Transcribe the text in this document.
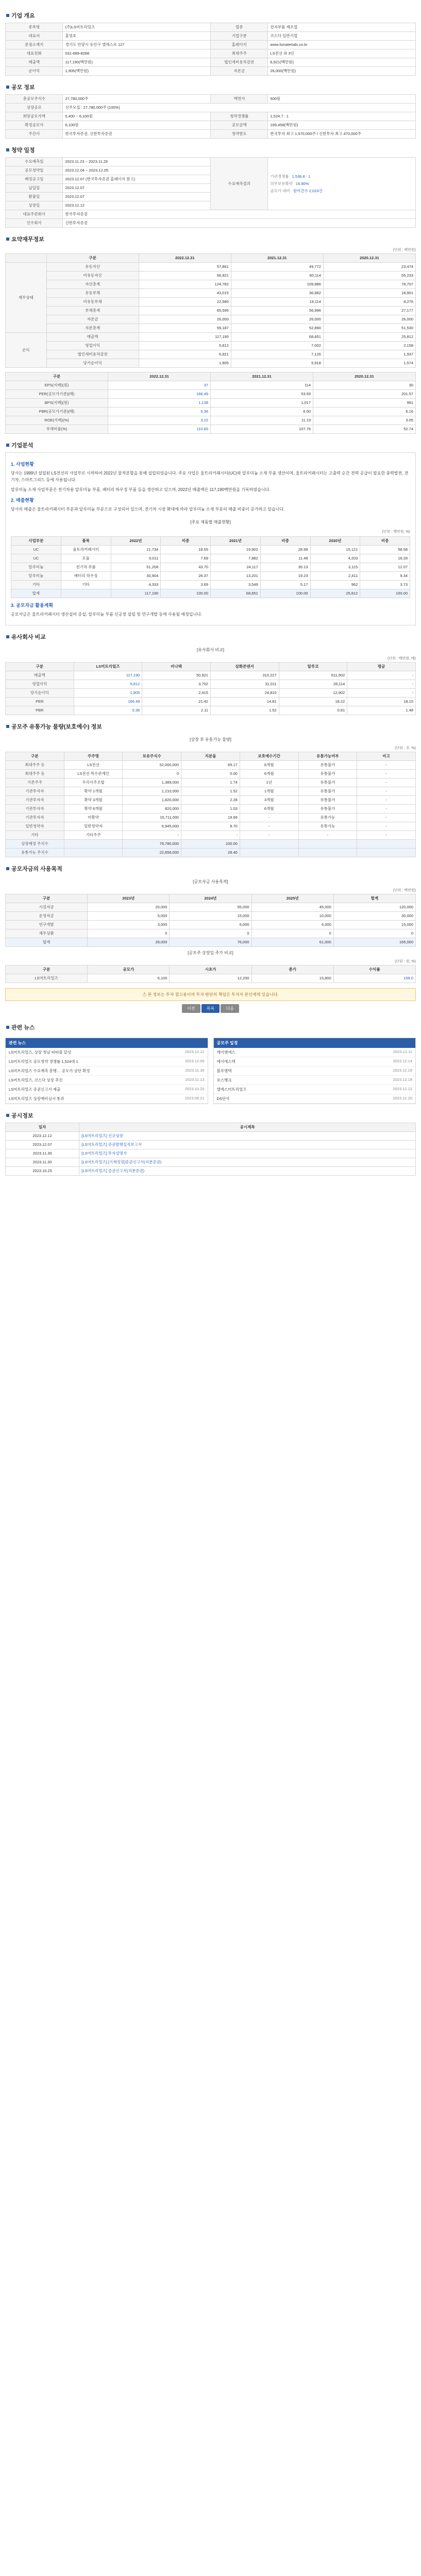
기업 개요
종목명	(주)LS머트리얼즈	업종	전자부품 제조업
대표자	홍영호	기업구분	코스닥 일반기업
본점소재지	경기도 안양시 동안구 엘에스로 127	홈페이지	www.lsmaterials.co.kr
대표전화	031-689-8288	최대주주	LS전선 외 3인
매출액	117,190(백만원)	법인세비용차감전	6,921(백만원)
순이익	1,905(백만원)	자본금	26,000(백만원)
공모 정보
총공모주식수	27,780,000주	액면가	500원
상장공모	신주모집 : 27,780,000주 (100%)		
희망공모가액	5,400 ~ 6,100원	청약경쟁률	1,524.7 : 1
확정공모가	6,100원	공모금액	169,458(백만원)
주간사	한국투자증권, 신한투자증권	청약한도	한국투자 최고 1,570,000주 / 신한투자 최고 470,000주
청약 일정
수요예측일	2023.11.23 ~ 2023.11.29	수요예측결과	기관경쟁률 1,536.8 : 1
의무보유확약 16.80%
공모가 대비 참여건수 2,023건

공모청약일	2023.12.04 ~ 2023.12.05		
배정공고일	2023.12.07 (한국투자증권 홈페이지 참고)		
납입일	2023.12.07		
환불일	2023.12.07		
상장일	2023.12.12		
대표주관회사	한국투자증권		
인수회사	신한투자증권		
요약재무정보
(단위 : 백만원)
	구분	2022.12.31	2021.12.31	2020.12.31
재무상태	유동자산	57,861	49,772	23,474
	비유동자산	66,921	60,114	55,233
	자산총계	124,782	109,886	78,707
	유동부채	43,015	36,882	18,901
	비유동부채	22,580	19,114	8,276
	부채총계	65,595	56,996	27,177
	자본금	26,000	26,000	26,000
	자본총계	59,187	52,890	51,530
손익	매출액	117,190	68,651	25,812
	영업이익	5,812	7,002	2,158
	법인세비용차감전	6,921	7,126	1,937
	당기순이익	1,905	5,918	1,574
구분	2022.12.31	2021.12.31	2020.12.31
EPS(지배)(원)	37	114	30
PER(공모가기준)(배)	166.49	53.59	201.57
BPS(지배)(원)	1,138	1,017	991
PBR(공모가기준)(배)	5.36	6.00	6.16
ROE(지배)(%)	3.22	11.19	3.05
부채비율(%)	110.83	107.76	52.74
기업분석
1. 사업현황

당사는 1999년 설립된 LS전선의 사업부로 시작하여 2022년 물적분할을 통해 설립되었습니다. 주요 사업은 울트라커패시터(UC)와 알루미늄 소재 부품 생산이며, 울트라커패시터는 고출력 순간 전력 공급이 필요한 풍력발전, 전기차, 스마트그리드 등에 사용됩니다.

알루미늄 소재 사업부문은 전기차용 알루미늄 부품, 배터리 하우징 부품 등을 생산하고 있으며, 2022년 매출액은 117,190백만원을 기록하였습니다.

2. 매출현황

당사의 매출은 울트라커패시터 부문과 알루미늄 부문으로 구성되어 있으며, 전기차 시장 확대에 따라 알루미늄 소재 부문의 매출 비중이 증가하고 있습니다.

[주요 제품별 매출현황]
(단위 : 백만원, %)
사업부문	품목	2022년	비중	2021년	비중	2020년	비중
UC	울트라커패시터	21,734	18.55	19,902	28.99	15,121	58.58
UC	모듈	9,011	7.69	7,882	11.48	4,203	16.28
알루미늄	전기차 부품	51,208	43.70	24,117	35.13	3,115	12.07
알루미늄	배터리 하우징	30,904	26.37	13,201	19.23	2,411	9.34
기타	기타	4,333	3.69	3,549	5.17	962	3.73
합계		117,190	100.00	68,651	100.00	25,812	100.00
3. 공모자금 활용계획

공모자금은 울트라커패시터 생산설비 증설, 알루미늄 부품 신공장 설립 및 연구개발 등에 사용될 예정입니다.

유사회사 비교
[유사회사 비교]
(단위 : 백만원, 배)
구분	LS머트리얼즈	비나텍	삼화콘덴서	알루코	평균
매출액	117,190	50,921	310,227	611,502	-
영업이익	5,812	3,702	31,011	28,114	-
당기순이익	1,905	2,415	24,810	12,902	-
PER	166.49	21.42	14.81	18.22	18.15
PBR	5.36	2.11	1.52	0.81	1.48
공모주 유통가능 물량(보호예수) 정보
[상장 후 유통가능 물량]
(단위 : 주, %)
구분	주주명	보유주식수	지분율	보호예수기간	유통가능여부	비고
최대주주 등	LS전선	52,000,000	65.17	6개월	유통불가	-
최대주주 등	LS전선 특수관계인	0	0.00	6개월	유통불가	-
기존주주	우리사주조합	1,389,000	1.74	1년	유통불가	-
기관투자자	확약 1개월	1,210,000	1.52	1개월	유통불가	-
기관투자자	확약 3개월	1,820,000	2.28	3개월	유통불가	-
기관투자자	확약 6개월	820,000	1.03	6개월	유통불가	-
기관투자자	미확약	15,711,000	19.69	-	유통가능	-
일반청약자	일반청약자	6,945,000	8.70	-	유통가능	-
기타	기타주주	-	-	-	-	-
상장예정 주식수		79,780,000	100.00			
유통가능 주식수		22,656,000	28.40			
공모자금의 사용목적
[공모자금 사용목적]
(단위 : 백만원)
구분	2023년	2024년	2025년	합계
시설자금	20,000	55,000	45,000	120,000
운영자금	5,000	15,000	10,000	30,000
연구개발	3,000	6,000	6,000	15,000
채무상환	0	0	0	0
합계	28,000	76,000	61,000	165,000
[공모주 상장일 주가 비교]
(단위 : 원, %)
구분	공모가	시초가	종가	수익률
LS머트리얼즈	6,100	12,200	15,800	159.0
⚠ 본 정보는 투자 참고용이며 투자 판단의 책임은 투자자 본인에게 있습니다.
이전	목록	다음
관련 뉴스
관련 뉴스
LS머트리얼즈, 상장 첫날 따따블 달성	2023.12.12
LS머트리얼즈 공모청약 경쟁률 1,524대 1	2023.12.05
LS머트리얼즈 수요예측 흥행… 공모가 상단 확정	2023.11.30
LS머트리얼즈, 코스닥 상장 추진	2023.11.13
LS머트리얼즈 증권신고서 제출	2023.10.25
LS머트리얼즈 상장예비심사 통과	2023.09.21
공모주 일정
케이엔에스	2023.12.11
에이에스텍	2023.12.14
블루엠텍	2023.12.18
포스뱅크	2023.12.18
엘에스머트리얼즈	2023.12.12
DS단석	2023.12.20
공시정보
일자	공시제목
2023.12.12	[LS머트리얼즈] 신규상장
2023.12.07	[LS머트리얼즈] 증권발행실적보고서
2023.11.30	[LS머트리얼즈] 투자설명서
2023.11.30	[LS머트리얼즈] [기재정정]증권신고서(지분증권)
2023.10.25	[LS머트리얼즈] 증권신고서(지분증권)
